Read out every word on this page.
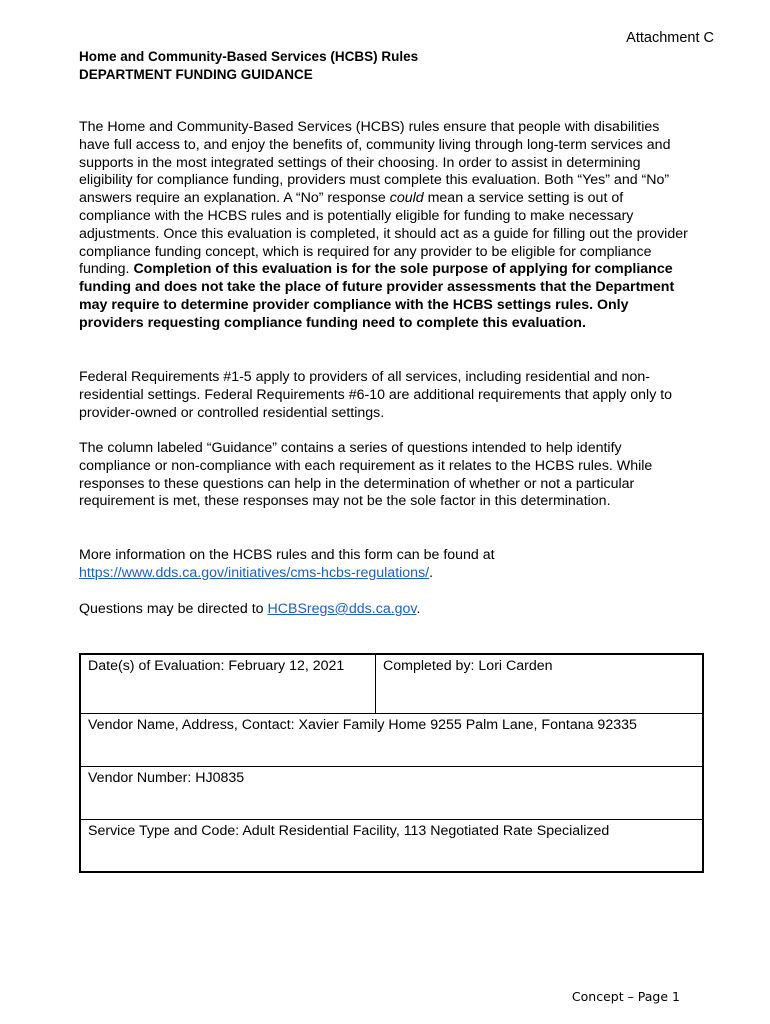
Attachment C
Home and Community-Based Services (HCBS) Rules
DEPARTMENT FUNDING GUIDANCE

The Home and Community-Based Services (HCBS) rules ensure that people with disabilities have full access to, and enjoy the benefits of, community living through long-term services and supports in the most integrated settings of their choosing. In order to assist in determining eligibility for compliance funding, providers must complete this evaluation. Both “Yes” and “No” answers require an explanation. A “No” response could mean a service setting is out of compliance with the HCBS rules and is potentially eligible for funding to make necessary adjustments. Once this evaluation is completed, it should act as a guide for filling out the provider compliance funding concept, which is required for any provider to be eligible for compliance funding. Completion of this evaluation is for the sole purpose of applying for compliance funding and does not take the place of future provider assessments that the Department may require to determine provider compliance with the HCBS settings rules. Only providers requesting compliance funding need to complete this evaluation.

Federal Requirements #1-5 apply to providers of all services, including residential and non-residential settings. Federal Requirements #6-10 are additional requirements that apply only to provider-owned or controlled residential settings.

The column labeled “Guidance” contains a series of questions intended to help identify compliance or non-compliance with each requirement as it relates to the HCBS rules. While responses to these questions can help in the determination of whether or not a particular requirement is met, these responses may not be the sole factor in this determination.

More information on the HCBS rules and this form can be found at
https://www.dds.ca.gov/initiatives/cms-hcbs-regulations/.

Questions may be directed to HCBSregs@dds.ca.gov.

Date(s) of Evaluation: February 12, 2021	Completed by: Lori Carden
Vendor Name, Address, Contact: Xavier Family Home 9255 Palm Lane, Fontana 92335
Vendor Number: HJ0835
Service Type and Code: Adult Residential Facility, 113 Negotiated Rate Specialized
Concept – Page 1
